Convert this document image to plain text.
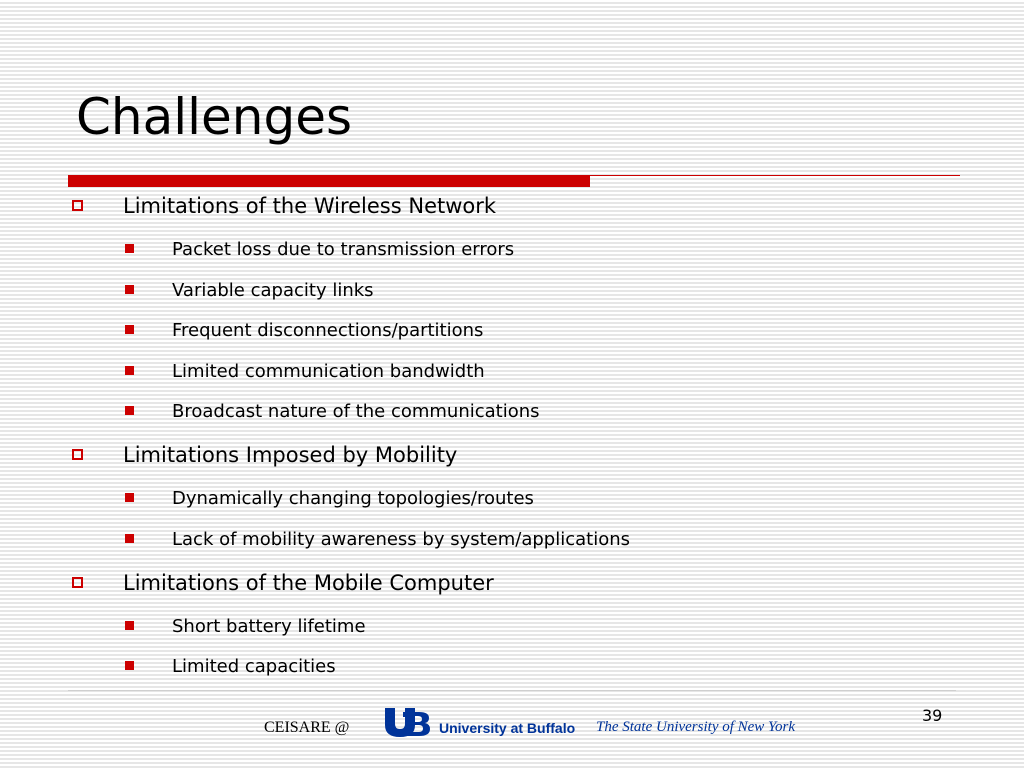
Challenges
Limitations of the Wireless Network
Packet loss due to transmission errors
Variable capacity links
Frequent disconnections/partitions
Limited communication bandwidth
Broadcast nature of the communications
Limitations Imposed by Mobility
Dynamically changing topologies/routes
Lack of mobility awareness by system/applications
Limitations of the Mobile Computer
Short battery lifetime
Limited capacities
CEISARE @	University at Buffalo The State University of New York
39
